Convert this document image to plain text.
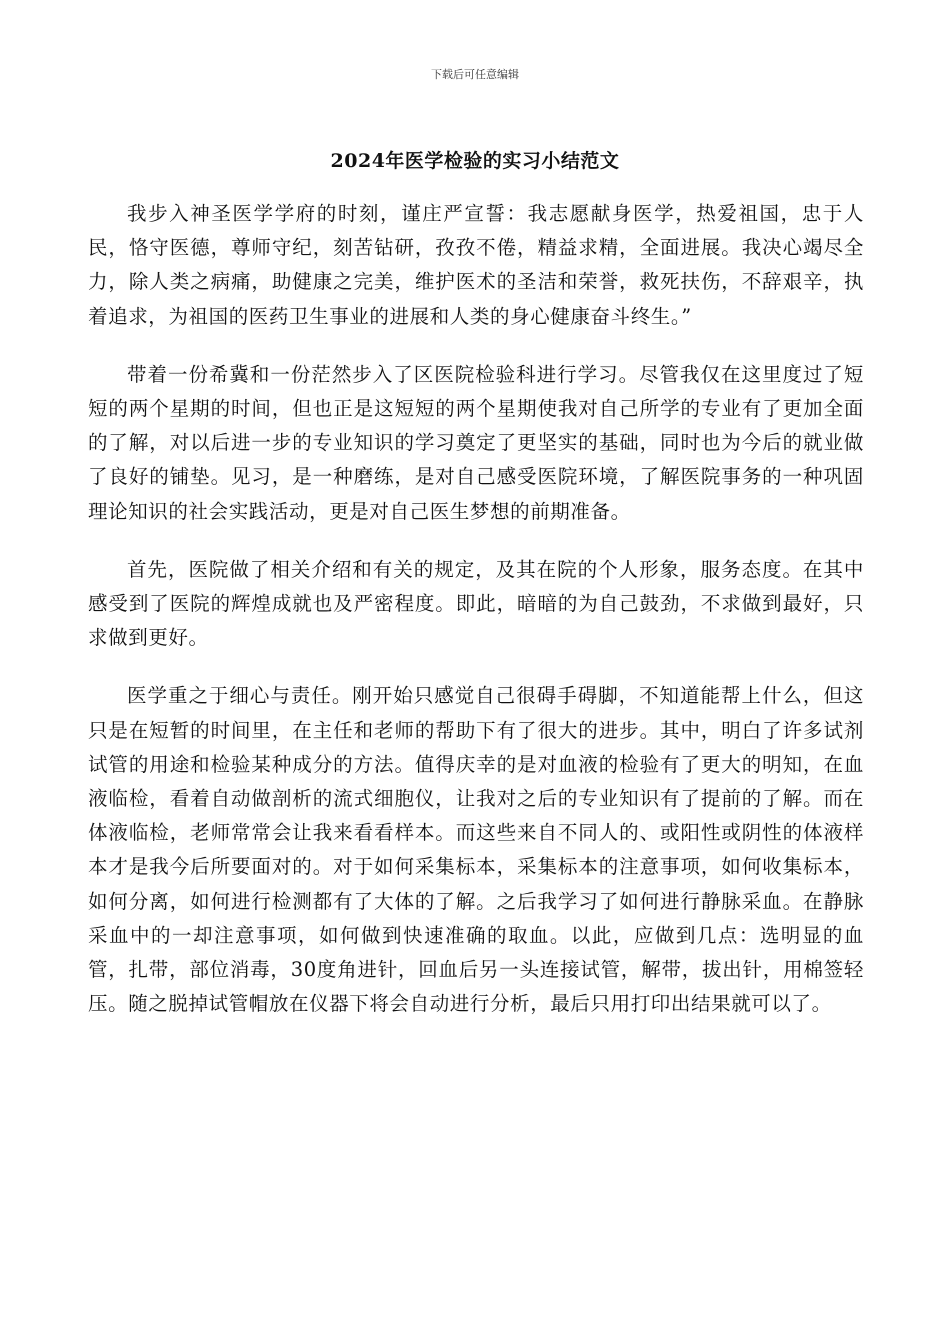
下载后可任意编辑
2024年医学检验的实习小结范文

我步入神圣医学学府的时刻，谨庄严宣誓：我志愿献身医学，热爱祖国，忠于人民，恪守医德，尊师守纪，刻苦钻研，孜孜不倦，精益求精，全面进展。我决心竭尽全力，除人类之病痛，助健康之完美，维护医术的圣洁和荣誉，救死扶伤，不辞艰辛，执着追求，为祖国的医药卫生事业的进展和人类的身心健康奋斗终生。”

带着一份希冀和一份茫然步入了区医院检验科进行学习。尽管我仅在这里度过了短短的两个星期的时间，但也正是这短短的两个星期使我对自己所学的专业有了更加全面的了解，对以后进一步的专业知识的学习奠定了更坚实的基础，同时也为今后的就业做了良好的铺垫。见习，是一种磨练，是对自己感受医院环境，了解医院事务的一种巩固理论知识的社会实践活动，更是对自己医生梦想的前期准备。

首先，医院做了相关介绍和有关的规定，及其在院的个人形象，服务态度。在其中感受到了医院的辉煌成就也及严密程度。即此，暗暗的为自己鼓劲，不求做到最好，只求做到更好。

医学重之于细心与责任。刚开始只感觉自己很碍手碍脚，不知道能帮上什么，但这只是在短暂的时间里，在主任和老师的帮助下有了很大的进步。其中，明白了许多试剂试管的用途和检验某种成分的方法。值得庆幸的是对血液的检验有了更大的明知，在血液临检，看着自动做剖析的流式细胞仪，让我对之后的专业知识有了提前的了解。而在体液临检，老师常常会让我来看看样本。而这些来自不同人的、或阳性或阴性的体液样本才是我今后所要面对的。对于如何采集标本，采集标本的注意事项，如何收集标本，如何分离，如何进行检测都有了大体的了解。之后我学习了如何进行静脉采血。在静脉采血中的一却注意事项，如何做到快速准确的取血。以此，应做到几点：选明显的血管，扎带，部位消毒，30度角进针，回血后另一头连接试管，解带，拔出针，用棉签轻压。随之脱掉试管帽放在仪器下将会自动进行分析，最后只用打印出结果就可以了。
